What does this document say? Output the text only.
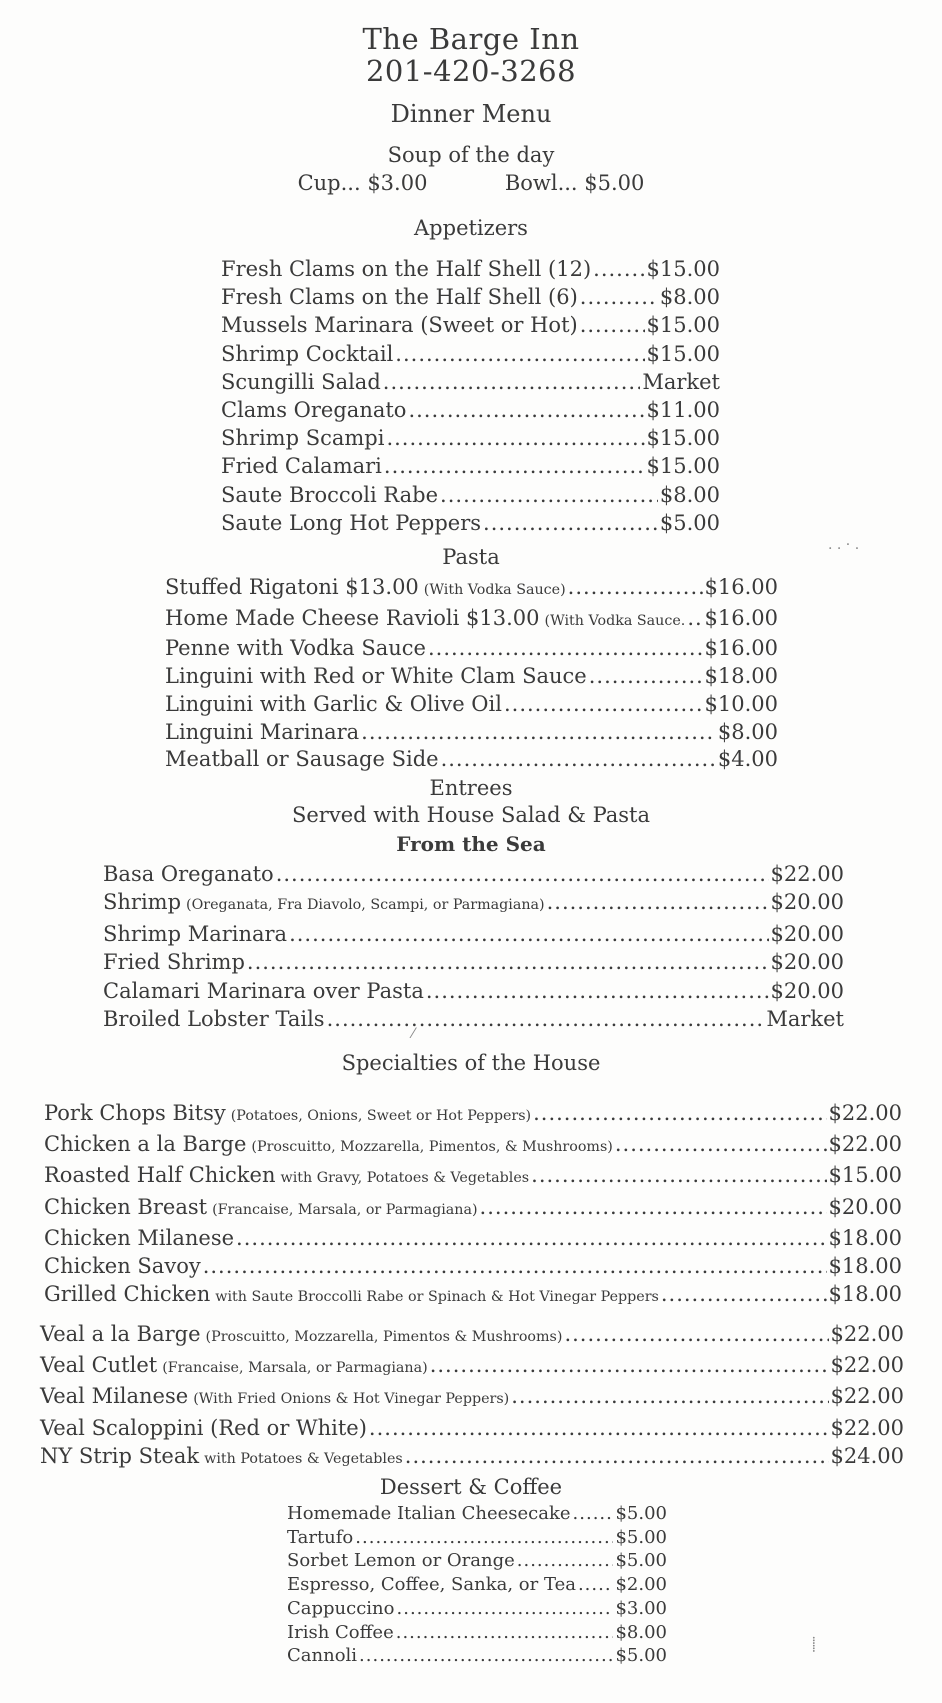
The Barge Inn
201-420-3268
Dinner Menu
Soup of the day
Cup... $3.00	Bowl... $5.00
Appetizers
Fresh Clams on the Half Shell (12) .....	$15.00
Fresh Clams on the Half Shell (6) .....	$8.00
Mussels Marinara (Sweet or Hot) .....	$15.00
Shrimp Cocktail .....	$15.00
Scungilli Salad .....	Market
Clams Oreganato .....	$11.00
Shrimp Scampi .....	$15.00
Fried Calamari .....	$15.00
Saute Broccoli Rabe .....	$8.00
Saute Long Hot Peppers .....	$5.00
Pasta
Stuffed Rigatoni $13.00 (With Vodka Sauce) .....	$16.00
Home Made Cheese Ravioli $13.00 (With Vodka Sauce. ..... $16.00
Penne with Vodka Sauce .....	$16.00
Linguini with Red or White Clam Sauce .....	$18.00
Linguini with Garlic & Olive Oil .....	$10.00
Linguini Marinara .....	$8.00
Meatball or Sausage Side .....	$4.00
Entrees
Served with House Salad & Pasta
From the Sea
Basa Oreganato .....	$22.00
Shrimp (Oreganata, Fra Diavolo, Scampi, or Parmagiana) .....	$20.00
Shrimp Marinara .....	$20.00
Fried Shrimp .....	$20.00
Calamari Marinara over Pasta .....	$20.00
Broiled Lobster Tails .....	Market
Specialties of the House
Pork Chops Bitsy (Potatoes, Onions, Sweet or Hot Peppers) .....	$22.00
Chicken a la Barge (Proscuitto, Mozzarella, Pimentos, & Mushrooms) .....	$22.00
Roasted Half Chicken with Gravy, Potatoes & Vegetables .....	$15.00
Chicken Breast (Francaise, Marsala, or Parmagiana) .....	$20.00
Chicken Milanese .....	$18.00
Chicken Savoy .....	$18.00
Grilled Chicken with Saute Broccolli Rabe or Spinach & Hot Vinegar Peppers .....	$18.00
Veal a la Barge (Proscuitto, Mozzarella, Pimentos & Mushrooms) .....	$22.00
Veal Cutlet (Francaise, Marsala, or Parmagiana) .....	$22.00
Veal Milanese (With Fried Onions & Hot Vinegar Peppers) .....	$22.00
Veal Scaloppini (Red or White) .....	$22.00
NY Strip Steak with Potatoes & Vegetables .....	$24.00
Dessert & Coffee
Homemade Italian Cheesecake ..... $5.00
Tartufo .....	$5.00
Sorbet Lemon or Orange .....	$5.00
Espresso, Coffee, Sanka, or Tea ..... $2.00
Cappuccino .....	$3.00
Irish Coffee .....	$8.00
Cannoli .....	$5.00
. . · .
⸽
⁄
